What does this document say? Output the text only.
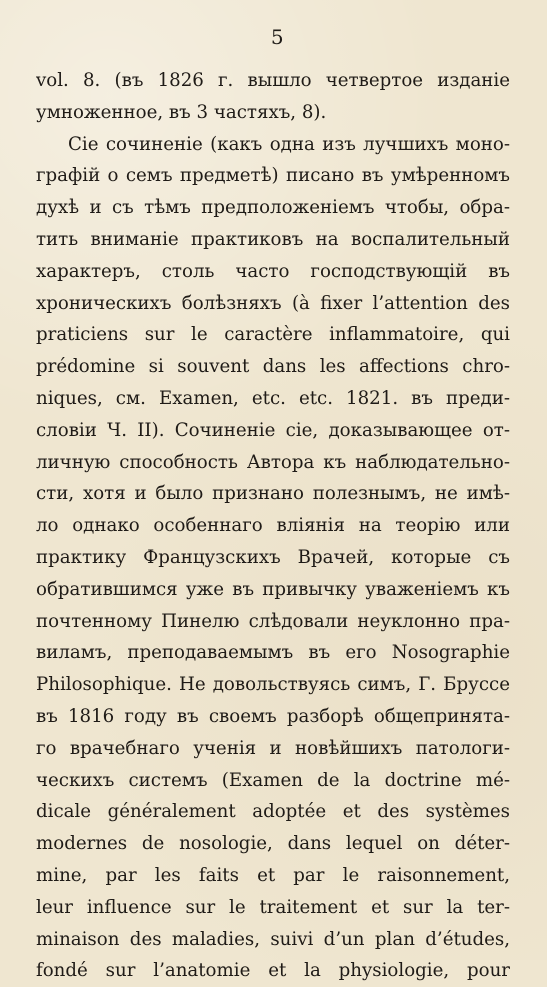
5
vol. 8. (въ 1826 г. вышло четвертое изданіе
умноженное, въ 3 частяхъ, 8).
Сіе сочиненіе (какъ одна изъ лучшихъ моно-
графій о семъ предметѣ) писано въ умѣренномъ
духѣ и съ тѣмъ предположеніемъ чтобы, обра-
тить вниманіе практиковъ на воспалительный
характеръ, столь часто господствующій въ
хроническихъ болѣзняхъ (à fixer l’attention des
praticiens sur le caractère inflammatoire, qui
prédomine si souvent dans les affections chro-
niques, см. Examen, etc. etc. 1821. въ преди-
словіи Ч. II). Сочиненіе сіе, доказывающее от-
личную способность Автора къ наблюдательно-
сти, хотя и было признано полезнымъ, не имѣ-
ло однако особеннаго вліянія на теорію или
практику Французскихъ Врачей, которые съ
обратившимся уже въ привычку уваженіемъ къ
почтенному Пинелю слѣдовали неуклонно пра-
виламъ, преподаваемымъ въ его Nosographie
Philosophique. Не довольствуясь симъ, Г. Бруссе
въ 1816 году въ своемъ разборѣ общепринята-
го врачебнаго ученія и новѣйшихъ патологи-
ческихъ системъ (Examen de la doctrine mé-
dicale généralement adoptée et des systèmes
modernes de nosologie, dans lequel on déter-
mine, par les faits et par le raisonnement,
leur influence sur le traitement et sur la ter-
minaison des maladies, suivi d’un plan d’études,
fondé sur l’anatomie et la physiologie, pour
